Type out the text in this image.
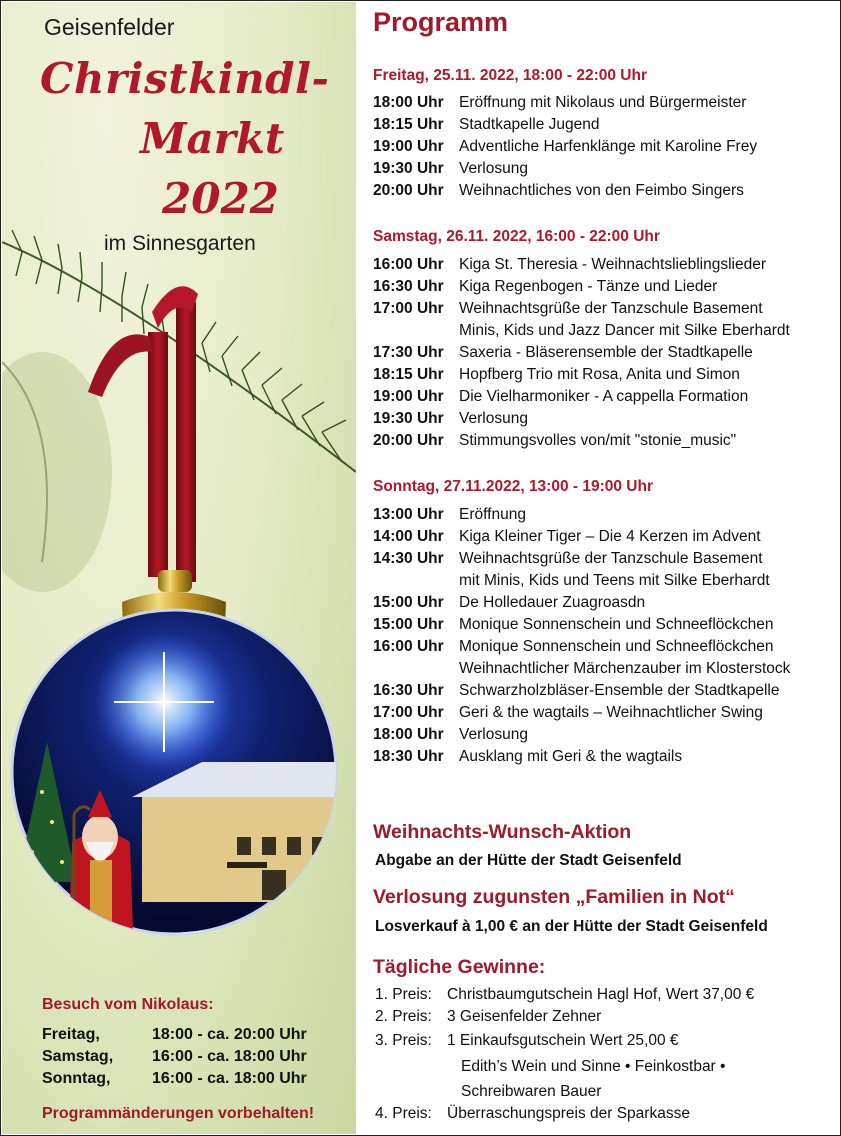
Geisenfelder
Christkindl-
Markt
2022
im Sinnesgarten
Besuch vom Nikolaus:
Freitag,	18:00 - ca. 20:00 Uhr
Samstag,	16:00 - ca. 18:00 Uhr
Sonntag,	16:00 - ca. 18:00 Uhr
Programmänderungen vorbehalten!
Programm
Freitag, 25.11. 2022, 18:00 - 22:00 Uhr
18:00 Uhr Eröffnung mit Nikolaus und Bürgermeister
18:15 Uhr Stadtkapelle Jugend
19:00 Uhr Adventliche Harfenklänge mit Karoline Frey
19:30 Uhr Verlosung
20:00 Uhr Weihnachtliches von den Feimbo Singers
Samstag, 26.11. 2022, 16:00 - 22:00 Uhr
16:00 Uhr Kiga St. Theresia - Weihnachtslieblingslieder
16:30 Uhr Kiga Regenbogen - Tänze und Lieder
17:00 Uhr Weihnachtsgrüße der Tanzschule Basement
Minis, Kids und Jazz Dancer mit Silke Eberhardt
17:30 Uhr Saxeria - Bläserensemble der Stadtkapelle
18:15 Uhr Hopfberg Trio mit Rosa, Anita und Simon
19:00 Uhr Die Vielharmoniker - A cappella Formation
19:30 Uhr Verlosung
20:00 Uhr Stimmungsvolles von/mit "stonie_music"
Sonntag, 27.11.2022, 13:00 - 19:00 Uhr
13:00 Uhr Eröffnung
14:00 Uhr Kiga Kleiner Tiger – Die 4 Kerzen im Advent
14:30 Uhr Weihnachtsgrüße der Tanzschule Basement
mit Minis, Kids und Teens mit Silke Eberhardt
15:00 Uhr De Holledauer Zuagroasdn
15:00 Uhr Monique Sonnenschein und Schneeflöckchen
16:00 Uhr Monique Sonnenschein und Schneeflöckchen
Weihnachtlicher Märchenzauber im Klosterstock
16:30 Uhr Schwarzholzbläser-Ensemble der Stadtkapelle
17:00 Uhr Geri & the wagtails – Weihnachtlicher Swing
18:00 Uhr Verlosung
18:30 Uhr Ausklang mit Geri & the wagtails
Weihnachts-Wunsch-Aktion
Abgabe an der Hütte der Stadt Geisenfeld
Verlosung zugunsten „Familien in Not“
Losverkauf à 1,00 € an der Hütte der Stadt Geisenfeld
Tägliche Gewinne:
1. Preis: Christbaumgutschein Hagl Hof, Wert 37,00 €
2. Preis: 3 Geisenfelder Zehner
3. Preis: 1 Einkaufsgutschein Wert 25,00 €
Edith’s Wein und Sinne • Feinkostbar •
Schreibwaren Bauer
4. Preis: Überraschungspreis der Sparkasse
